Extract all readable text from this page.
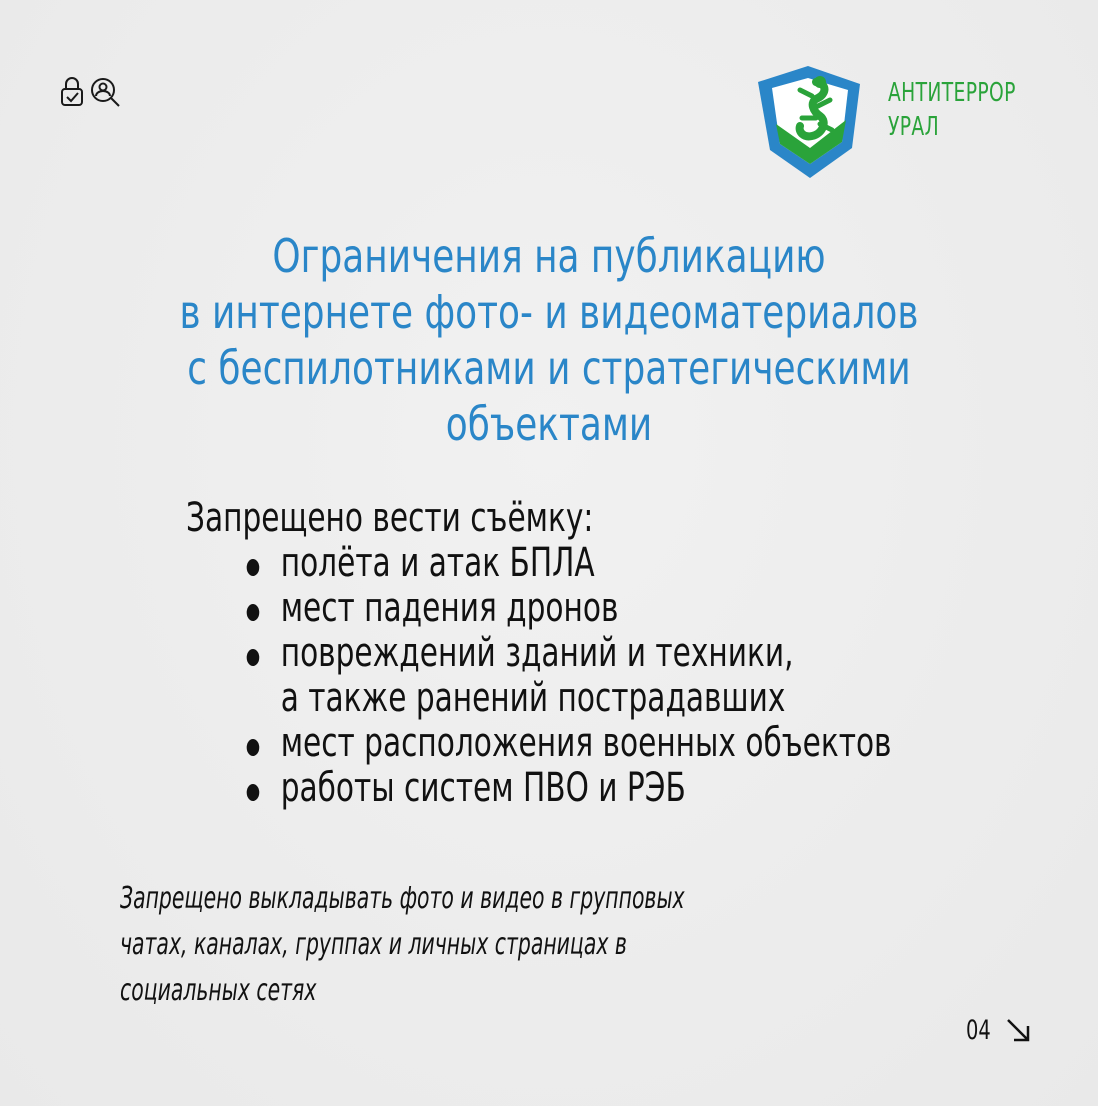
АНТИТЕРРОР
УРАЛ
Ограничения на публикацию
в интернете фото- и видеоматериалов
с беспилотниками и стратегическими
объектами
Запрещено вести съёмку:
полёта и атак БПЛА
мест падения дронов
повреждений зданий и техники,
а также ранений пострадавших
мест расположения военных объектов
работы систем ПВО и РЭБ
Запрещено выкладывать фото и видео в групповых
чатах, каналах, группах и личных страницах в
социальных сетях
04
